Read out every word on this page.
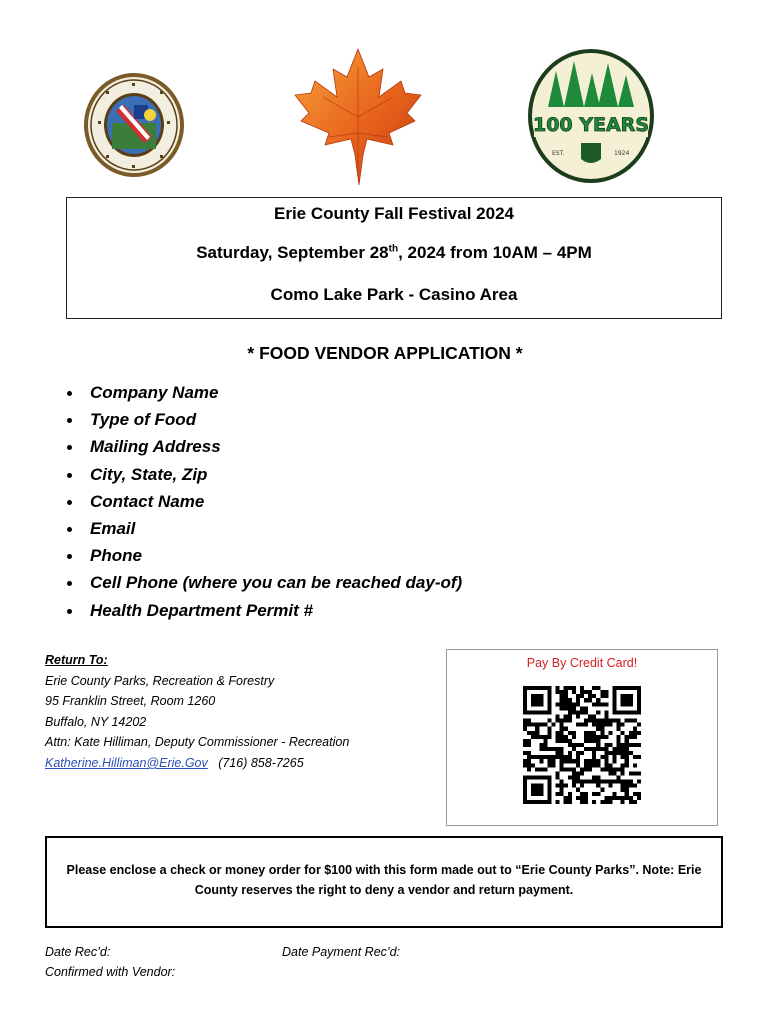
100 YEARS
EST.	1924
Erie County Fall Festival 2024
Saturday, September 28th, 2024 from 10AM – 4PM
Como Lake Park - Casino Area
* FOOD VENDOR APPLICATION *
Company Name
Type of Food
Mailing Address
City, State, Zip
Contact Name
Email
Phone
Cell Phone (where you can be reached day-of)
Health Department Permit #
Return To:
Erie County Parks, Recreation & Forestry
95 Franklin Street, Room 1260
Buffalo, NY 14202
Attn: Kate Hilliman, Deputy Commissioner - Recreation
Katherine.Hilliman@Erie.Gov (716) 858-7265
Pay By Credit Card!
Please enclose a check or money order for $100 with this form made out to “Erie County Parks”. Note: Erie
County reserves the right to deny a vendor and return payment.
Date Rec’d:
Confirmed with Vendor:
Date Payment Rec’d:
